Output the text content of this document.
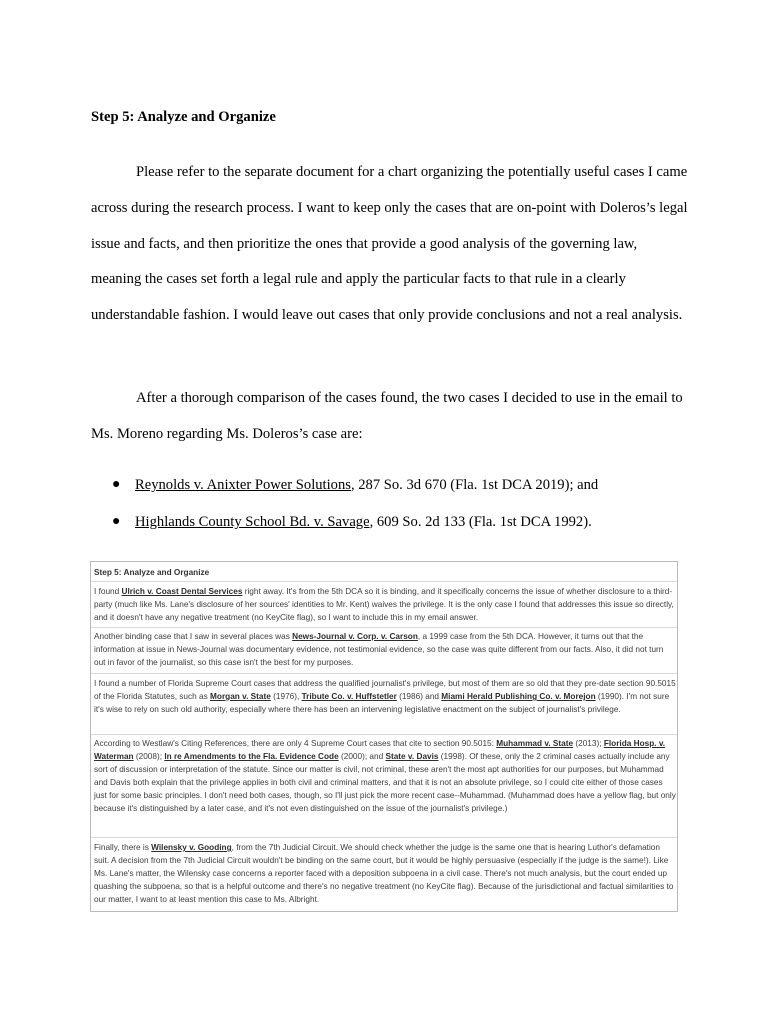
Step 5: Analyze and Organize

Please refer to the separate document for a chart organizing the potentially useful cases I came across during the research process. I want to keep only the cases that are on-point with Doleros’s legal issue and facts, and then prioritize the ones that provide a good analysis of the governing law, meaning the cases set forth a legal rule and apply the particular facts to that rule in a clearly understandable fashion. I would leave out cases that only provide conclusions and not a real analysis.

After a thorough comparison of the cases found, the two cases I decided to use in the email to Ms. Moreno regarding Ms. Doleros’s case are:

● Reynolds v. Anixter Power Solutions, 287 So. 3d 670 (Fla. 1st DCA 2019); and
● Highlands County School Bd. v. Savage, 609 So. 2d 133 (Fla. 1st DCA 1992).
Step 5: Analyze and Organize

I found Ulrich v. Coast Dental Services right away. It's from the 5th DCA so it is binding, and it specifically concerns the issue of whether disclosure to a third-party (much like Ms. Lane's disclosure of her sources' identities to Mr. Kent) waives the privilege. It is the only case I found that addresses this issue so directly, and it doesn't have any negative treatment (no KeyCite flag), so I want to include this in my email answer.

Another binding case that I saw in several places was News-Journal v. Corp. v. Carson, a 1999 case from the 5th DCA. However, it turns out that the information at issue in News-Journal was documentary evidence, not testimonial evidence, so the case was quite different from our facts. Also, it did not turn out in favor of the journalist, so this case isn't the best for my purposes.

I found a number of Florida Supreme Court cases that address the qualified journalist's privilege, but most of them are so old that they pre-date section 90.5015 of the Florida Statutes, such as Morgan v. State (1976), Tribute Co. v. Huffstetler (1986) and Miami Herald Publishing Co. v. Morejon (1990). I'm not sure it's wise to rely on such old authority, especially where there has been an intervening legislative enactment on the subject of journalist's privilege.

According to Westlaw's Citing References, there are only 4 Supreme Court cases that cite to section 90.5015: Muhammad v. State (2013); Florida Hosp. v. Waterman (2008); In re Amendments to the Fla. Evidence Code (2000); and State v. Davis (1998). Of these, only the 2 criminal cases actually include any sort of discussion or interpretation of the statute. Since our matter is civil, not criminal, these aren't the most apt authorities for our purposes, but Muhammad and Davis both explain that the privilege applies in both civil and criminal matters, and that it is not an absolute privilege, so I could cite either of those cases just for some basic principles. I don't need both cases, though, so I'll just pick the more recent case--Muhammad. (Muhammad does have a yellow flag, but only because it's distinguished by a later case, and it's not even distinguished on the issue of the journalist's privilege.)

Finally, there is Wilensky v. Gooding, from the 7th Judicial Circuit. We should check whether the judge is the same one that is hearing Luthor's defamation suit. A decision from the 7th Judicial Circuit wouldn't be binding on the same court, but it would be highly persuasive (especially if the judge is the same!). Like Ms. Lane's matter, the Wilensky case concerns a reporter faced with a deposition subpoena in a civil case. There's not much analysis, but the court ended up quashing the subpoena, so that is a helpful outcome and there's no negative treatment (no KeyCite flag). Because of the jurisdictional and factual similarities to our matter, I want to at least mention this case to Ms. Albright.
